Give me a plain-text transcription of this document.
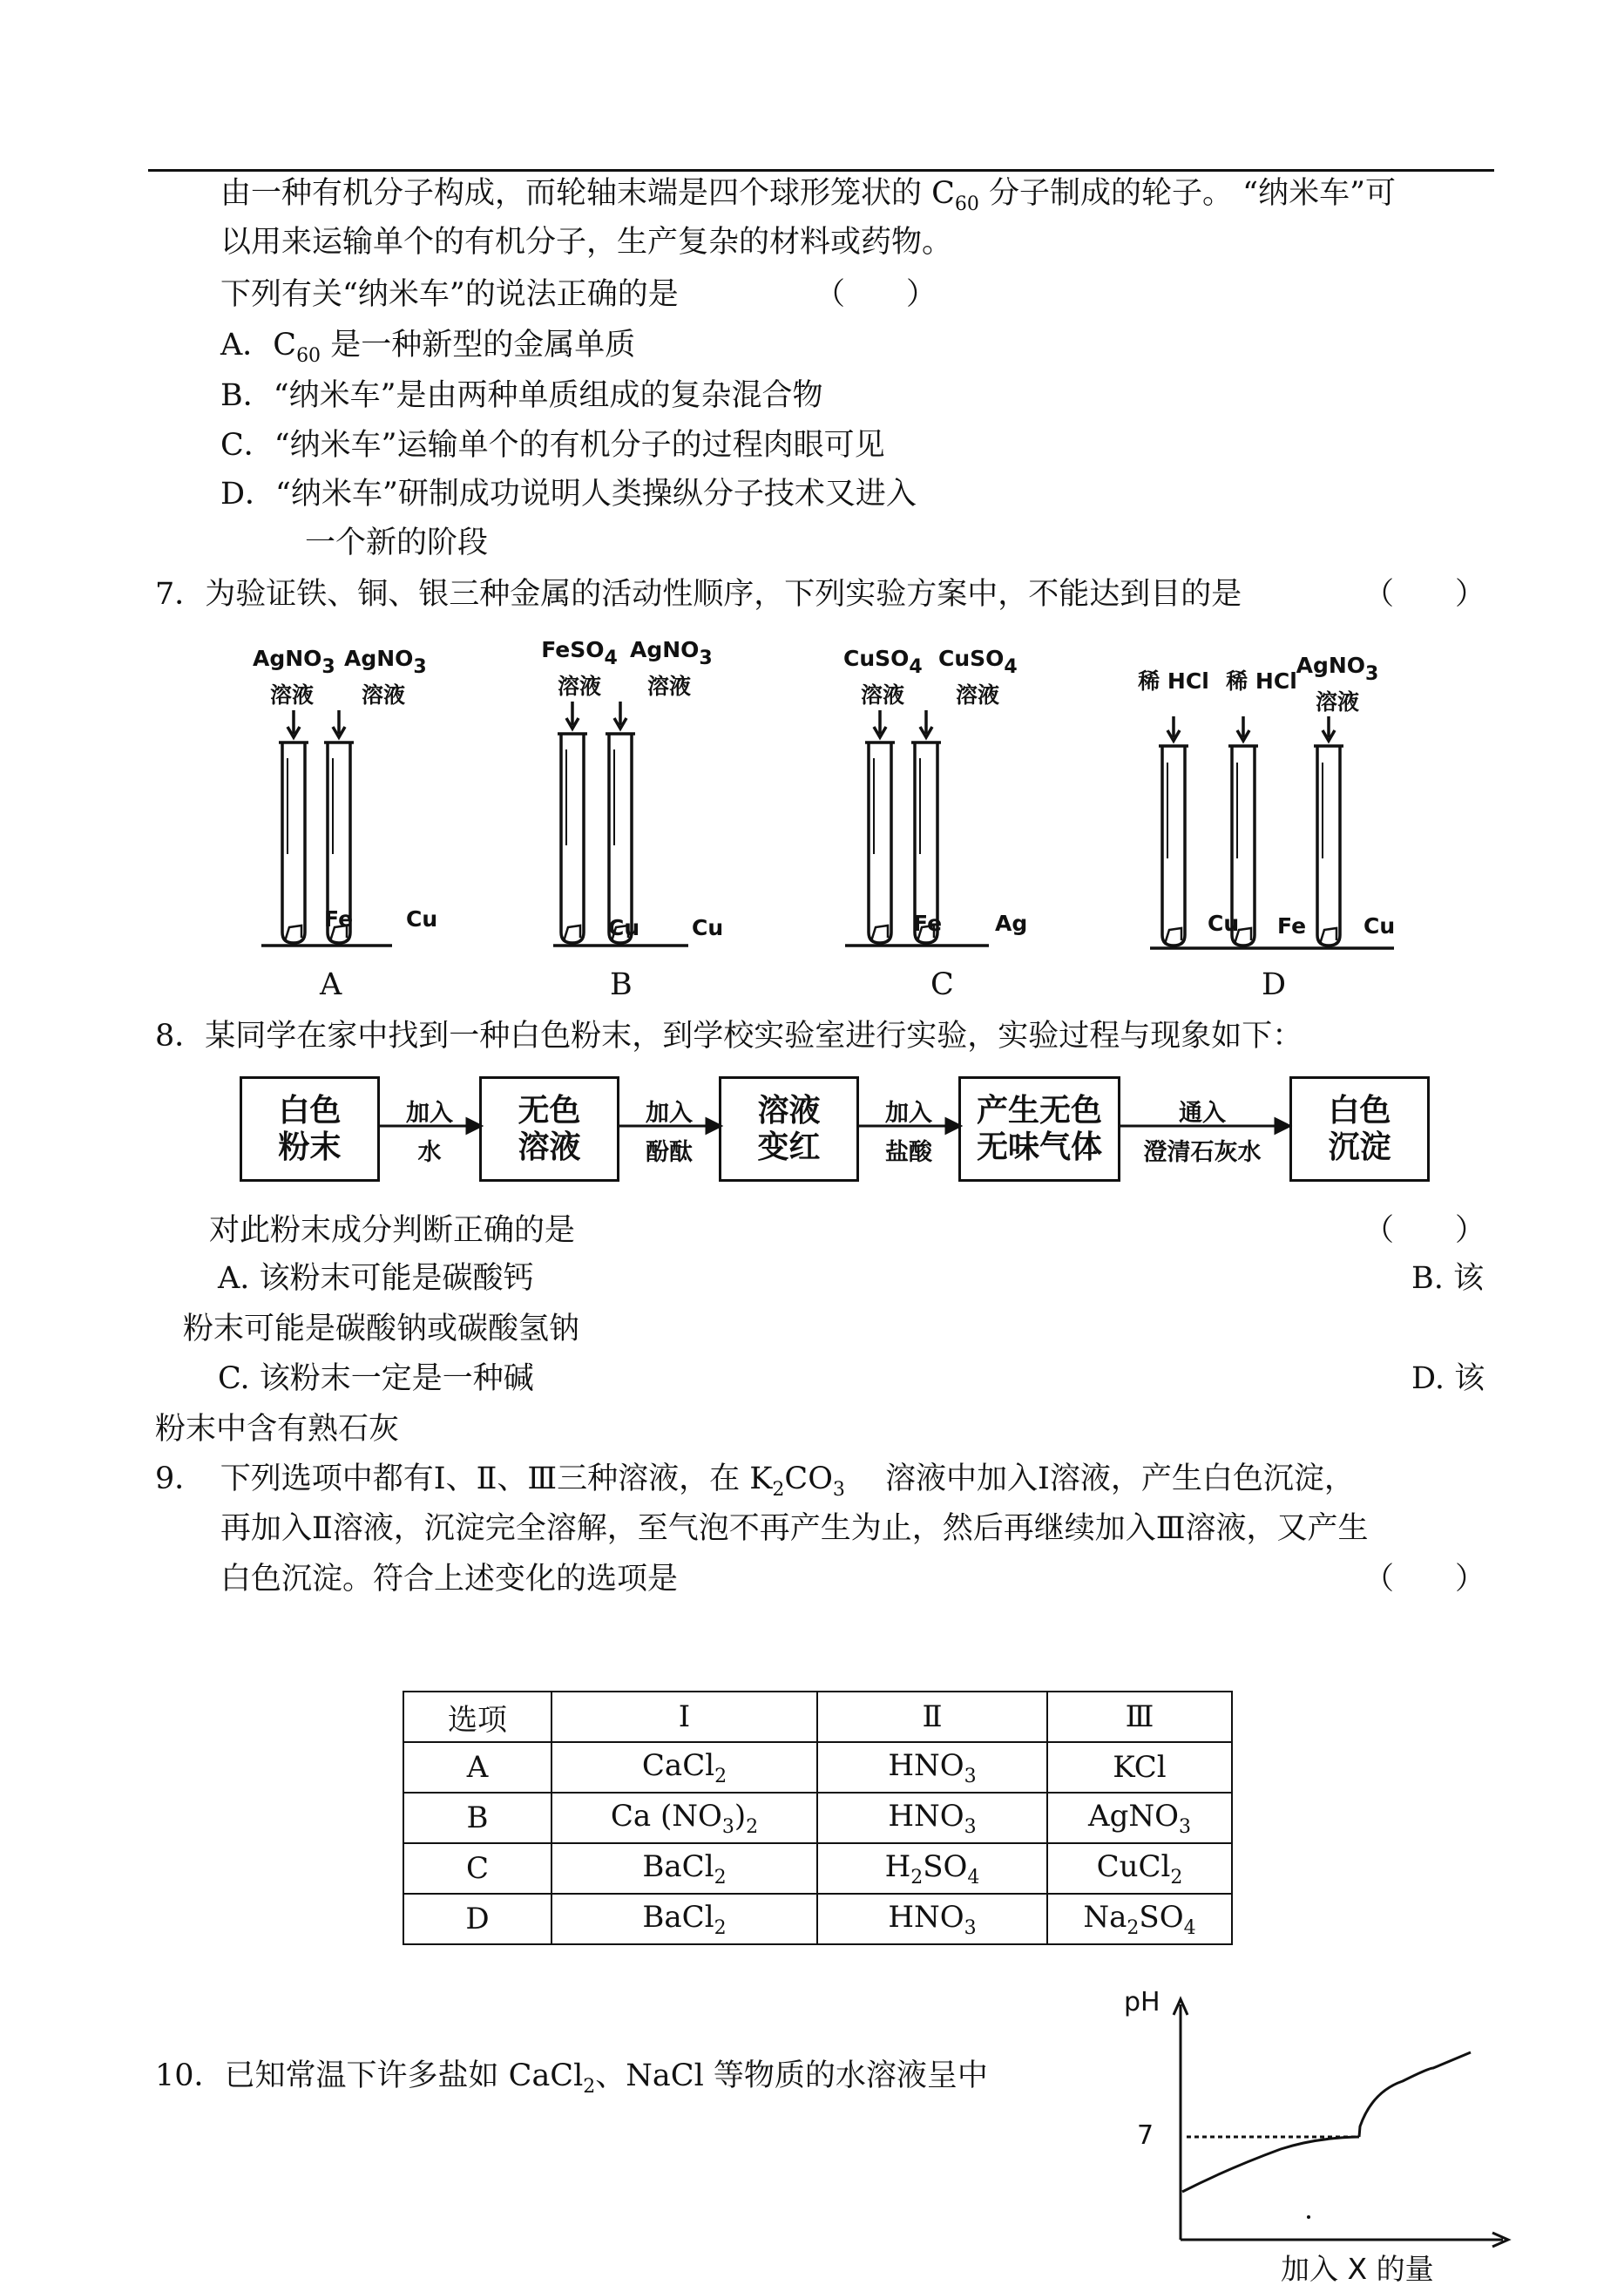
由一种有机分子构成，而轮轴末端是四个球形笼状的 $C_{60}$ 分子制成的轮子。 “纳米车”可
以用来运输单个的有机分子，生产复杂的材料或药物。
下列有关“纳米车”的说法正确的是	（　　）
A．$C_{60}$ 是一种新型的金属单质
B．“纳米车”是由两种单质组成的复杂混合物
C．“纳米车”运输单个的有机分子的过程肉眼可见
D．“纳米车”研制成功说明人类操纵分子技术又进入
一个新的阶段
7．为验证铁、铜、银三种金属的活动性顺序，下列实验方案中，不能达到目的是	（　　）
AgNO3
溶液
AgNO3
溶液
FeSO4
溶液
AgNO3
溶液
CuSO4
溶液
CuSO4
溶液
稀 HCl 稀 HCl
AgNO3
溶液
Fe Cu	Cu Cu	Fe Ag	Cu Fe	Cu
A	B	C	D
8．某同学在家中找到一种白色粉末，到学校实验室进行实验，实验过程与现象如下：
白色
粉末
无色
溶液
溶液
变红
产生无色
无味气体
白色
沉淀
加入
水
加入
酚酞
加入
盐酸
通入
澄清石灰水
对此粉末成分判断正确的是	（　　）
A. 该粉末可能是碳酸钙	B. 该
粉末可能是碳酸钠或碳酸氢钠
C. 该粉末一定是一种碱	D. 该
粉末中含有熟石灰
9．　下列选项中都有Ⅰ、Ⅱ、Ⅲ三种溶液，在 $K_2CO_3$ 　溶液中加入Ⅰ溶液，产生白色沉淀，
再加入Ⅱ溶液，沉淀完全溶解，至气泡不再产生为止，然后再继续加入Ⅲ溶液，又产生
白色沉淀。符合上述变化的选项是	（　　）
选项	Ⅰ	Ⅱ	Ⅲ
A	CaCl$_2$	$HNO_3$	KCl
B	Ca $(NO_3)_2$	$HNO_3$	AgNO$_3$
C	BaCl$_2$	$H_2SO_4$	CuCl$_2$
D	BaCl$_2$	$HNO_3$	$Na_2SO_4$
10．已知常温下许多盐如 CaCl$_2$、NaCl 等物质的水溶液呈中
pH
7
加入 X 的量
